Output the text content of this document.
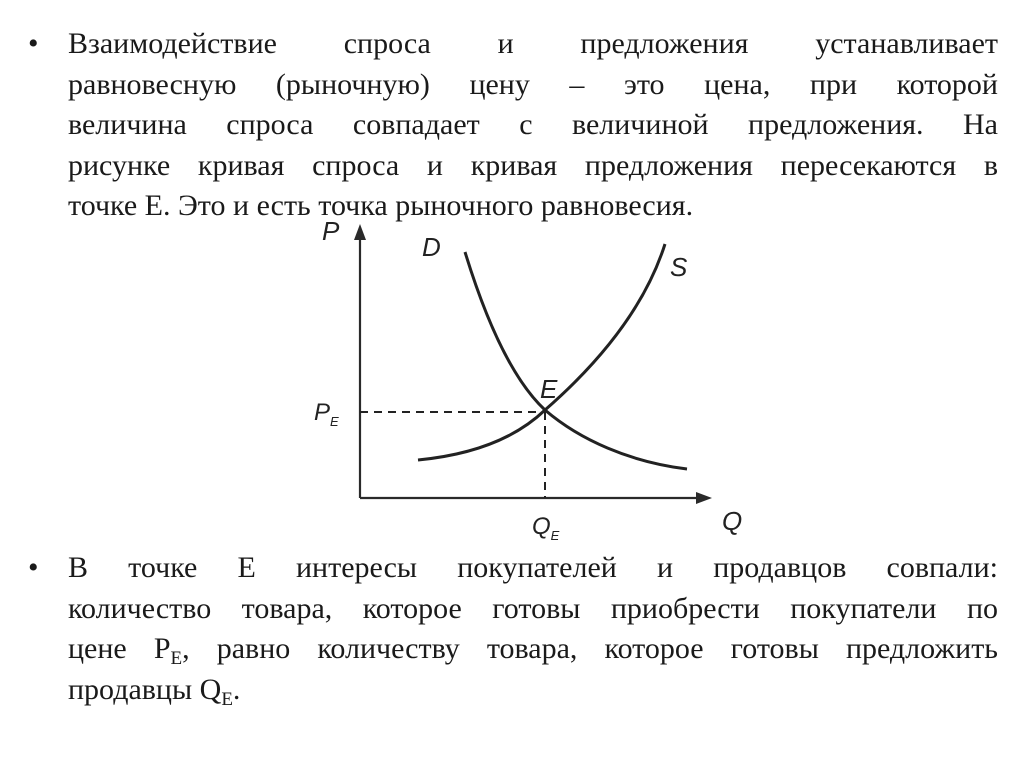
• Взаимодействие спроса и предложения устанавливает
равновесную (рыночную) цену – это цена, при которой
величина спроса совпадает с величиной предложения. На
рисунке кривая спроса и кривая предложения пересекаются в
точке Е. Это и есть точка рыночного равновесия.
P
D
S
E
$P_E$
$Q_E$	Q
• В точке Е интересы покупателей и продавцов совпали:
количество товара, которое готовы приобрести покупатели по
цене $Р_Е$, равно количеству товара, которое готовы предложить
продавцы $Q_Е$.
